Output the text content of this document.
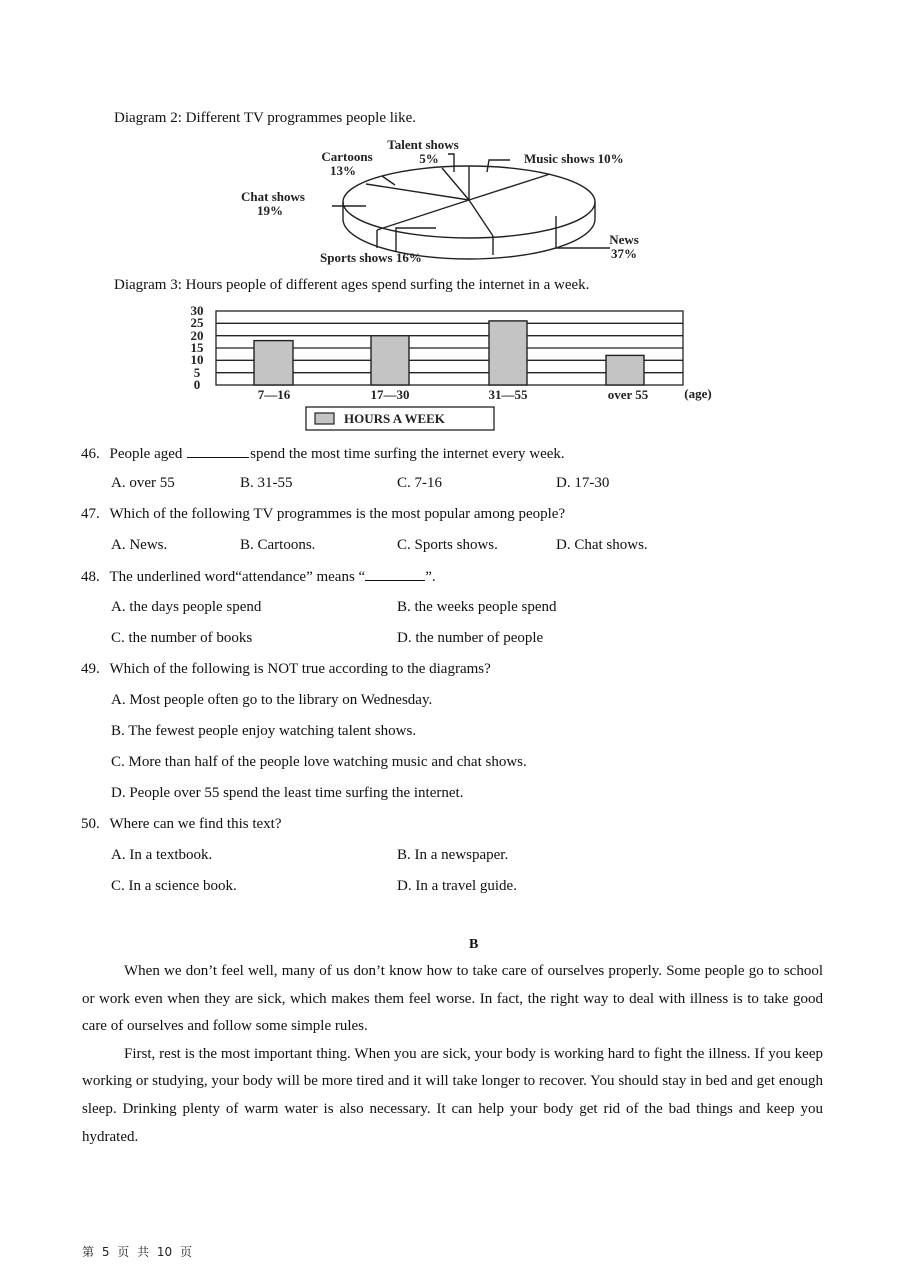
Diagram 2: Different TV programmes people like.
Talent shows
5%
Cartoons
13%
Music shows 10%
Chat shows
19%
Sports shows 16%
News
37%
Diagram 3: Hours people of different ages spend surfing the internet in a week.
30
25
20
15
10
5
0
7—16	17—30	31—55	over 55	(age)
HOURS A WEEK
46. People aged	spend the most time surfing the internet every week.
A. over 55	B. 31-55	C. 7-16	D. 17-30
47. Which of the following TV programmes is the most popular among people?
A. News.	B. Cartoons.	C. Sports shows.	D. Chat shows.
48. The underlined word“attendance” means “	”.
A. the days people spend	B. the weeks people spend
C. the number of books	D. the number of people
49. Which of the following is NOT true according to the diagrams?
A. Most people often go to the library on Wednesday.
B. The fewest people enjoy watching talent shows.
C. More than half of the people love watching music and chat shows.
D. People over 55 spend the least time surfing the internet.
50. Where can we find this text?
A. In a textbook.	B. In a newspaper.
C. In a science book.	D. In a travel guide.
B

When we don’t feel well, many of us don’t know how to take care of ourselves properly. Some people go to school or work even when they are sick, which makes them feel worse. In fact, the right way to deal with illness is to take good care of ourselves and follow some simple rules.

First, rest is the most important thing. When you are sick, your body is working hard to fight the illness. If you keep working or studying, your body will be more tired and it will take longer to recover. You should stay in bed and get enough sleep. Drinking plenty of warm water is also necessary. It can help your body get rid of the bad things and keep you hydrated.

第 5 页 共 10 页
